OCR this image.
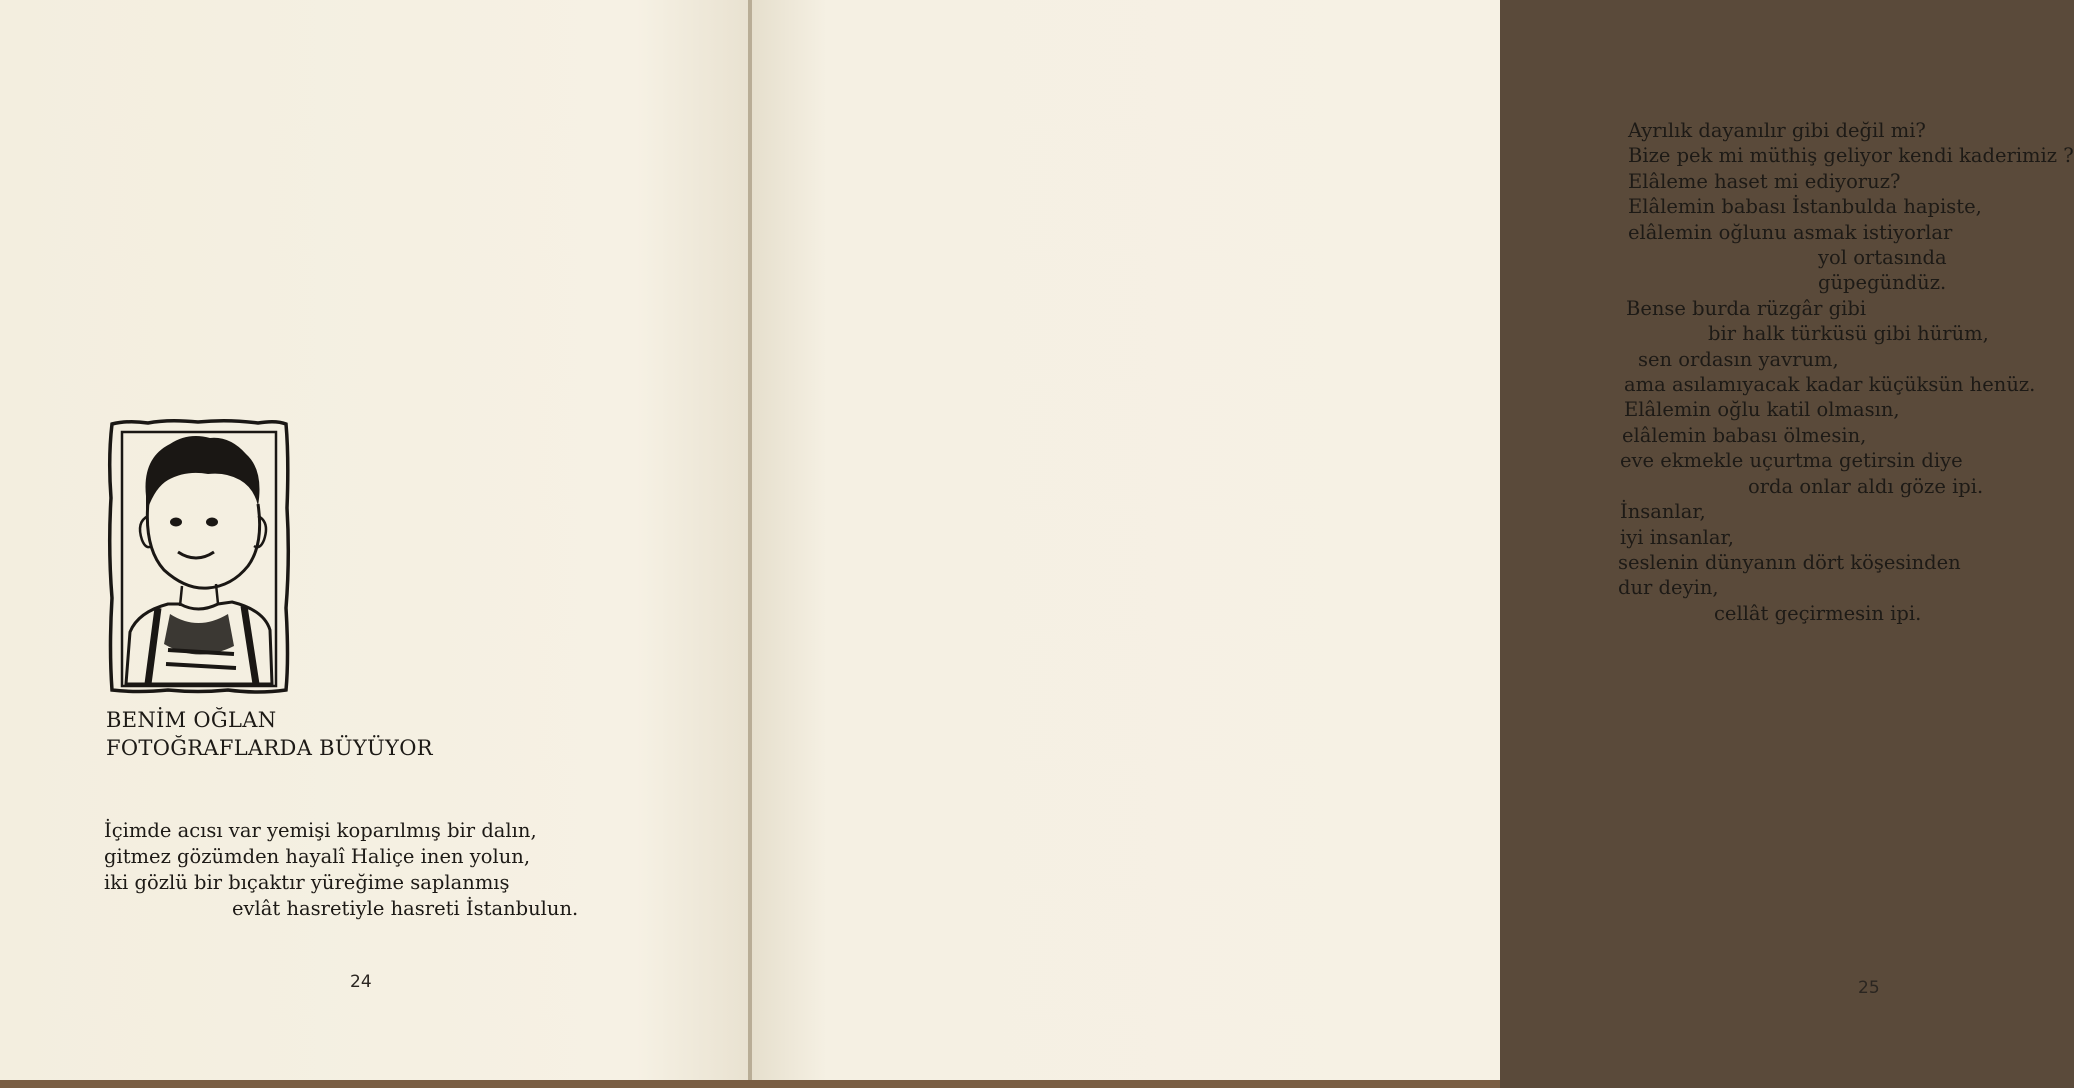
BENİM OĞLAN
FOTOĞRAFLARDA BÜYÜYOR
İçimde acısı var yemişi koparılmış bir dalın,
gitmez gözümden hayalî Haliçe inen yolun,
iki gözlü bir bıçaktır yüreğime saplanmış
evlât hasretiyle hasreti İstanbulun.
24
Ayrılık dayanılır gibi değil mi?
Bize pek mi müthiş geliyor kendi kaderimiz ?
Elâleme haset mi ediyoruz?
Elâlemin babası İstanbulda hapiste,
elâlemin oğlunu asmak istiyorlar
yol ortasında
güpegündüz.
Bense burda rüzgâr gibi
bir halk türküsü gibi hürüm,
sen ordasın yavrum,
ama asılamıyacak kadar küçüksün henüz.
Elâlemin oğlu katil olmasın,
elâlemin babası ölmesin,
eve ekmekle uçurtma getirsin diye
orda onlar aldı göze ipi.
İnsanlar,
iyi insanlar,
seslenin dünyanın dört köşesinden
dur deyin,
cellât geçirmesin ipi.
25
